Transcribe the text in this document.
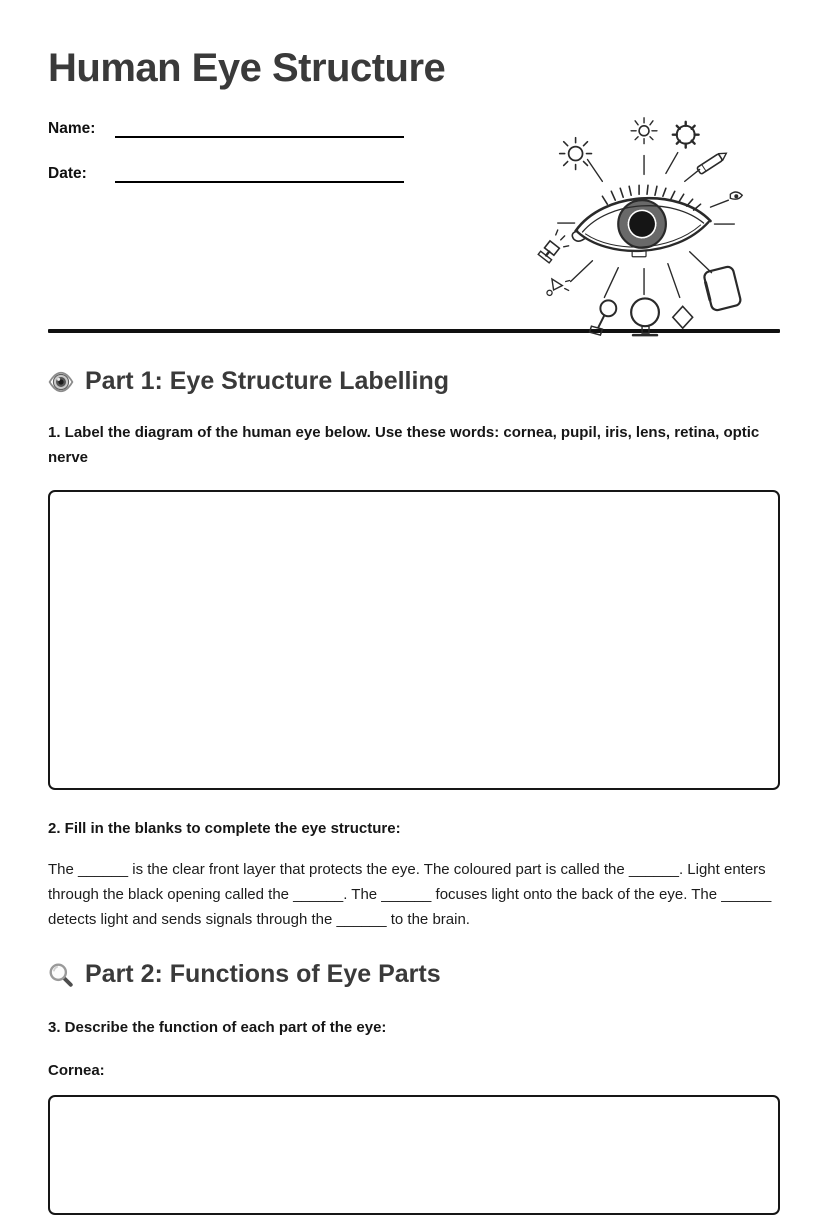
Human Eye Structure
Name:
Date:
Part 1: Eye Structure Labelling
1. Label the diagram of the human eye below. Use these words: cornea, pupil, iris, lens, retina, optic nerve
2. Fill in the blanks to complete the eye structure:
The ______ is the clear front layer that protects the eye. The coloured part is called the ______. Light enters through the black opening called the ______. The ______ focuses light onto the back of the eye. The ______ detects light and sends signals through the ______ to the brain.
Part 2: Functions of Eye Parts
3. Describe the function of each part of the eye:
Cornea:
